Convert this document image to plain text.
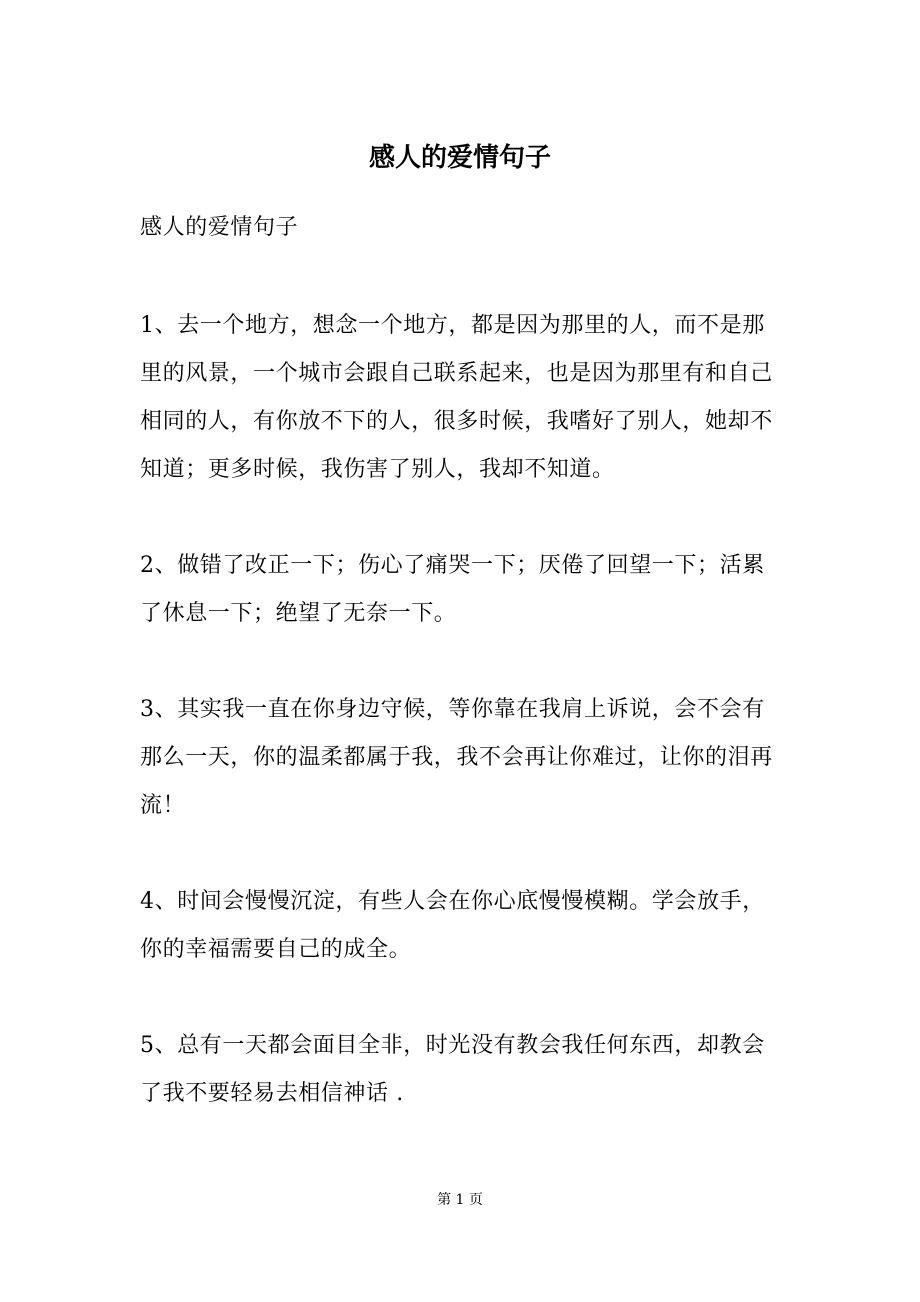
感人的爱情句子

感人的爱情句子

1、去一个地方，想念一个地方，都是因为那里的人，而不是那里的风景，一个城市会跟自己联系起来，也是因为那里有和自己相同的人，有你放不下的人，很多时候，我嗜好了别人，她却不知道；更多时候，我伤害了别人，我却不知道。

2、做错了改正一下；伤心了痛哭一下；厌倦了回望一下；活累了休息一下；绝望了无奈一下。

3、其实我一直在你身边守候，等你靠在我肩上诉说，会不会有那么一天，你的温柔都属于我，我不会再让你难过，让你的泪再流！

4、时间会慢慢沉淀，有些人会在你心底慢慢模糊。学会放手，你的幸福需要自己的成全。

5、总有一天都会面目全非，时光没有教会我任何东西，却教会了我不要轻易去相信神话 .

第 1 页
